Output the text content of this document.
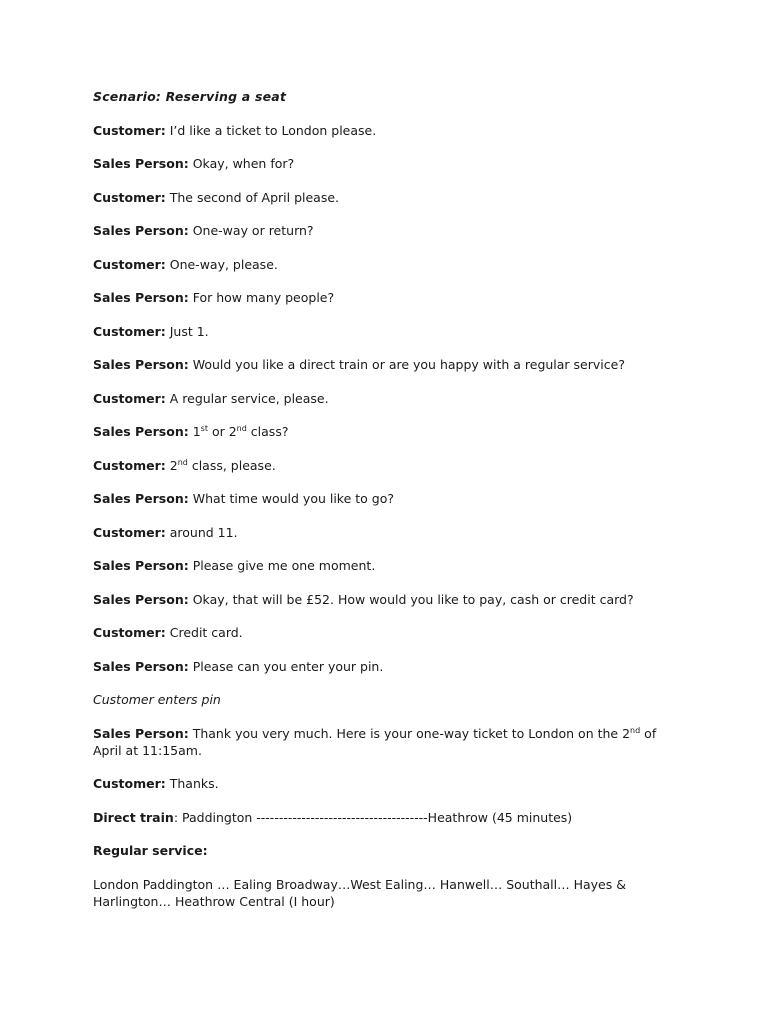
Scenario: Reserving a seat

Customer: I’d like a ticket to London please.

Sales Person: Okay, when for?

Customer: The second of April please.

Sales Person: One-way or return?

Customer: One-way, please.

Sales Person: For how many people?

Customer: Just 1.

Sales Person: Would you like a direct train or are you happy with a regular service?

Customer: A regular service, please.

Sales Person: 1st or 2nd class?

Customer: 2nd class, please.

Sales Person: What time would you like to go?

Customer: around 11.

Sales Person: Please give me one moment.

Sales Person: Okay, that will be £52. How would you like to pay, cash or credit card?

Customer: Credit card.

Sales Person: Please can you enter your pin.

Customer enters pin

Sales Person: Thank you very much. Here is your one-way ticket to London on the 2nd of April at 11:15am.

Customer: Thanks.

Direct train: Paddington --------------------------------------Heathrow (45 minutes)

Regular service:

London Paddington … Ealing Broadway…West Ealing… Hanwell… Southall… Hayes & Harlington… Heathrow Central (I hour)
